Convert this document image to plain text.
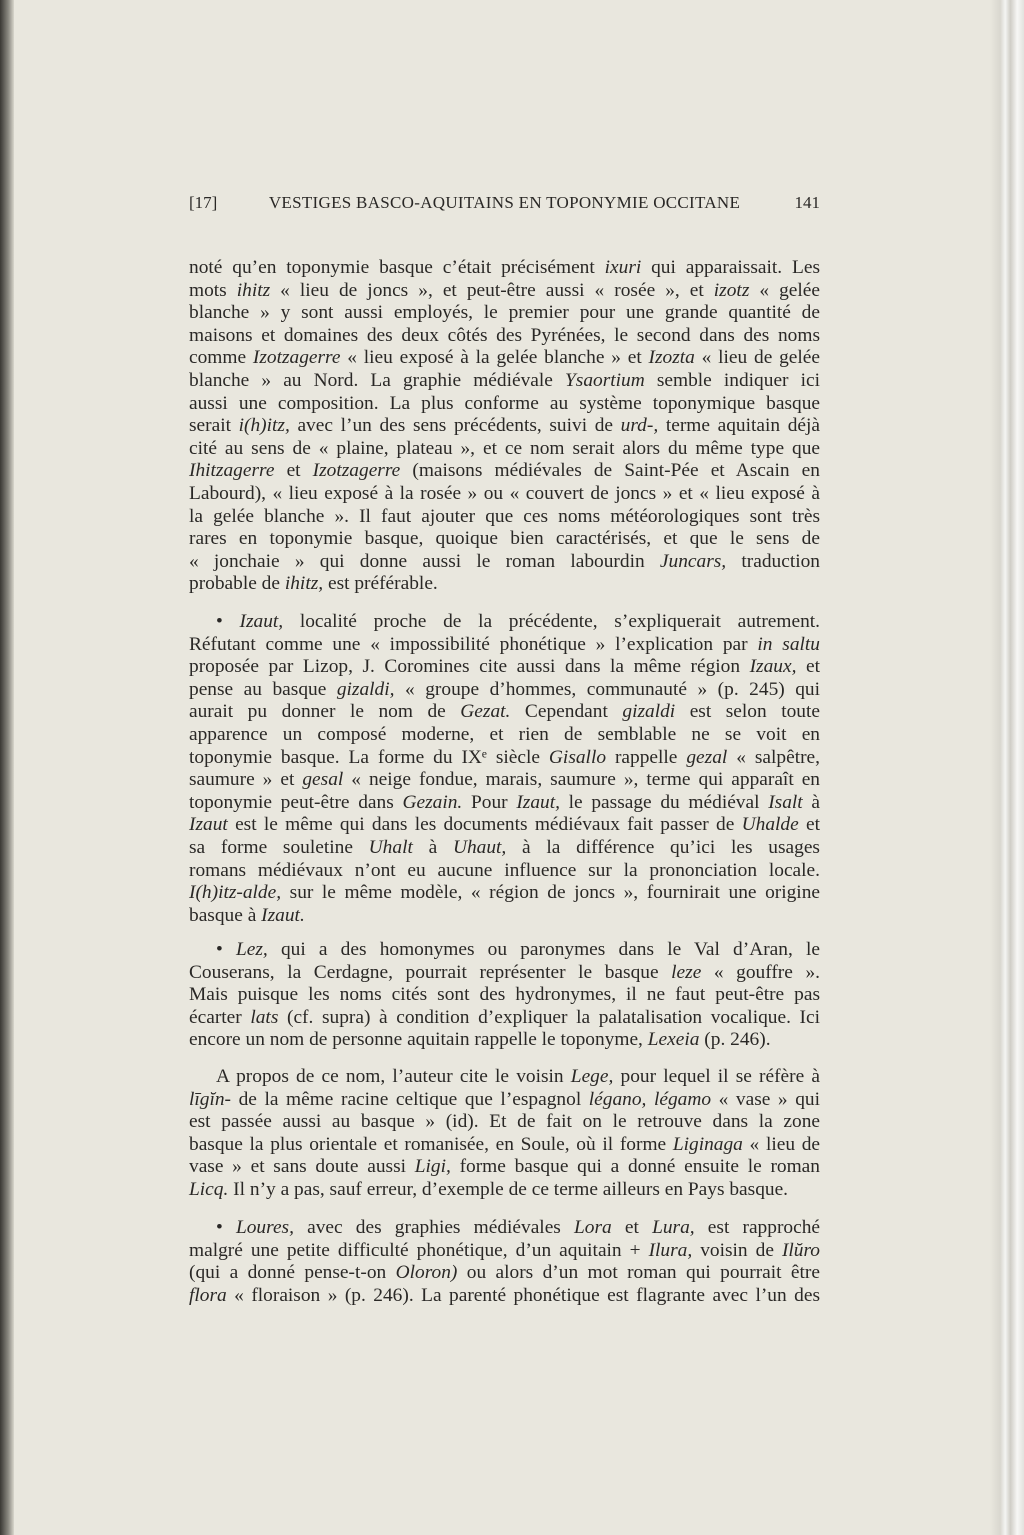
[17]	VESTIGES BASCO-AQUITAINS EN TOPONYMIE OCCITANE	141
noté qu’en toponymie basque c’était précisément ixuri qui apparaissait. Les
mots ihitz « lieu de joncs », et peut-être aussi « rosée », et izotz « gelée
blanche » y sont aussi employés, le premier pour une grande quantité de
maisons et domaines des deux côtés des Pyrénées, le second dans des noms
comme Izotzagerre « lieu exposé à la gelée blanche » et Izozta « lieu de gelée
blanche » au Nord. La graphie médiévale Ysaortium semble indiquer ici
aussi une composition. La plus conforme au système toponymique basque
serait i(h)itz, avec l’un des sens précédents, suivi de urd-, terme aquitain déjà
cité au sens de « plaine, plateau », et ce nom serait alors du même type que
Ihitzagerre et Izotzagerre (maisons médiévales de Saint-Pée et Ascain en
Labourd), « lieu exposé à la rosée » ou « couvert de joncs » et « lieu exposé à
la gelée blanche ». Il faut ajouter que ces noms météorologiques sont très
rares en toponymie basque, quoique bien caractérisés, et que le sens de
« jonchaie » qui donne aussi le roman labourdin Juncars, traduction
probable de ihitz, est préférable.
• Izaut, localité proche de la précédente, s’expliquerait autrement.
Réfutant comme une « impossibilité phonétique » l’explication par in saltu
proposée par Lizop, J. Coromines cite aussi dans la même région Izaux, et
pense au basque gizaldi, « groupe d’hommes, communauté » (p. 245) qui
aurait pu donner le nom de Gezat. Cependant gizaldi est selon toute
apparence un composé moderne, et rien de semblable ne se voit en
toponymie basque. La forme du IXᵉ siècle Gisallo rappelle gezal « salpêtre,
saumure » et gesal « neige fondue, marais, saumure », terme qui apparaît en
toponymie peut-être dans Gezain. Pour Izaut, le passage du médiéval Isalt à
Izaut est le même qui dans les documents médiévaux fait passer de Uhalde et
sa forme souletine Uhalt à Uhaut, à la différence qu’ici les usages
romans médiévaux n’ont eu aucune influence sur la prononciation locale.
I(h)itz-alde, sur le même modèle, « région de joncs », fournirait une origine
basque à Izaut.
• Lez, qui a des homonymes ou paronymes dans le Val d’Aran, le
Couserans, la Cerdagne, pourrait représenter le basque leze « gouffre ».
Mais puisque les noms cités sont des hydronymes, il ne faut peut-être pas
écarter lats (cf. supra) à condition d’expliquer la palatalisation vocalique. Ici
encore un nom de personne aquitain rappelle le toponyme, Lexeia (p. 246).
A propos de ce nom, l’auteur cite le voisin Lege, pour lequel il se réfère à
līgĭn- de la même racine celtique que l’espagnol légano, légamo « vase » qui
est passée aussi au basque » (id). Et de fait on le retrouve dans la zone
basque la plus orientale et romanisée, en Soule, où il forme Liginaga « lieu de
vase » et sans doute aussi Ligi, forme basque qui a donné ensuite le roman
Licq. Il n’y a pas, sauf erreur, d’exemple de ce terme ailleurs en Pays basque.
• Loures, avec des graphies médiévales Lora et Lura, est rapproché
malgré une petite difficulté phonétique, d’un aquitain + Ilura, voisin de Ilŭro
(qui a donné pense-t-on Oloron) ou alors d’un mot roman qui pourrait être
flora « floraison » (p. 246). La parenté phonétique est flagrante avec l’un des
